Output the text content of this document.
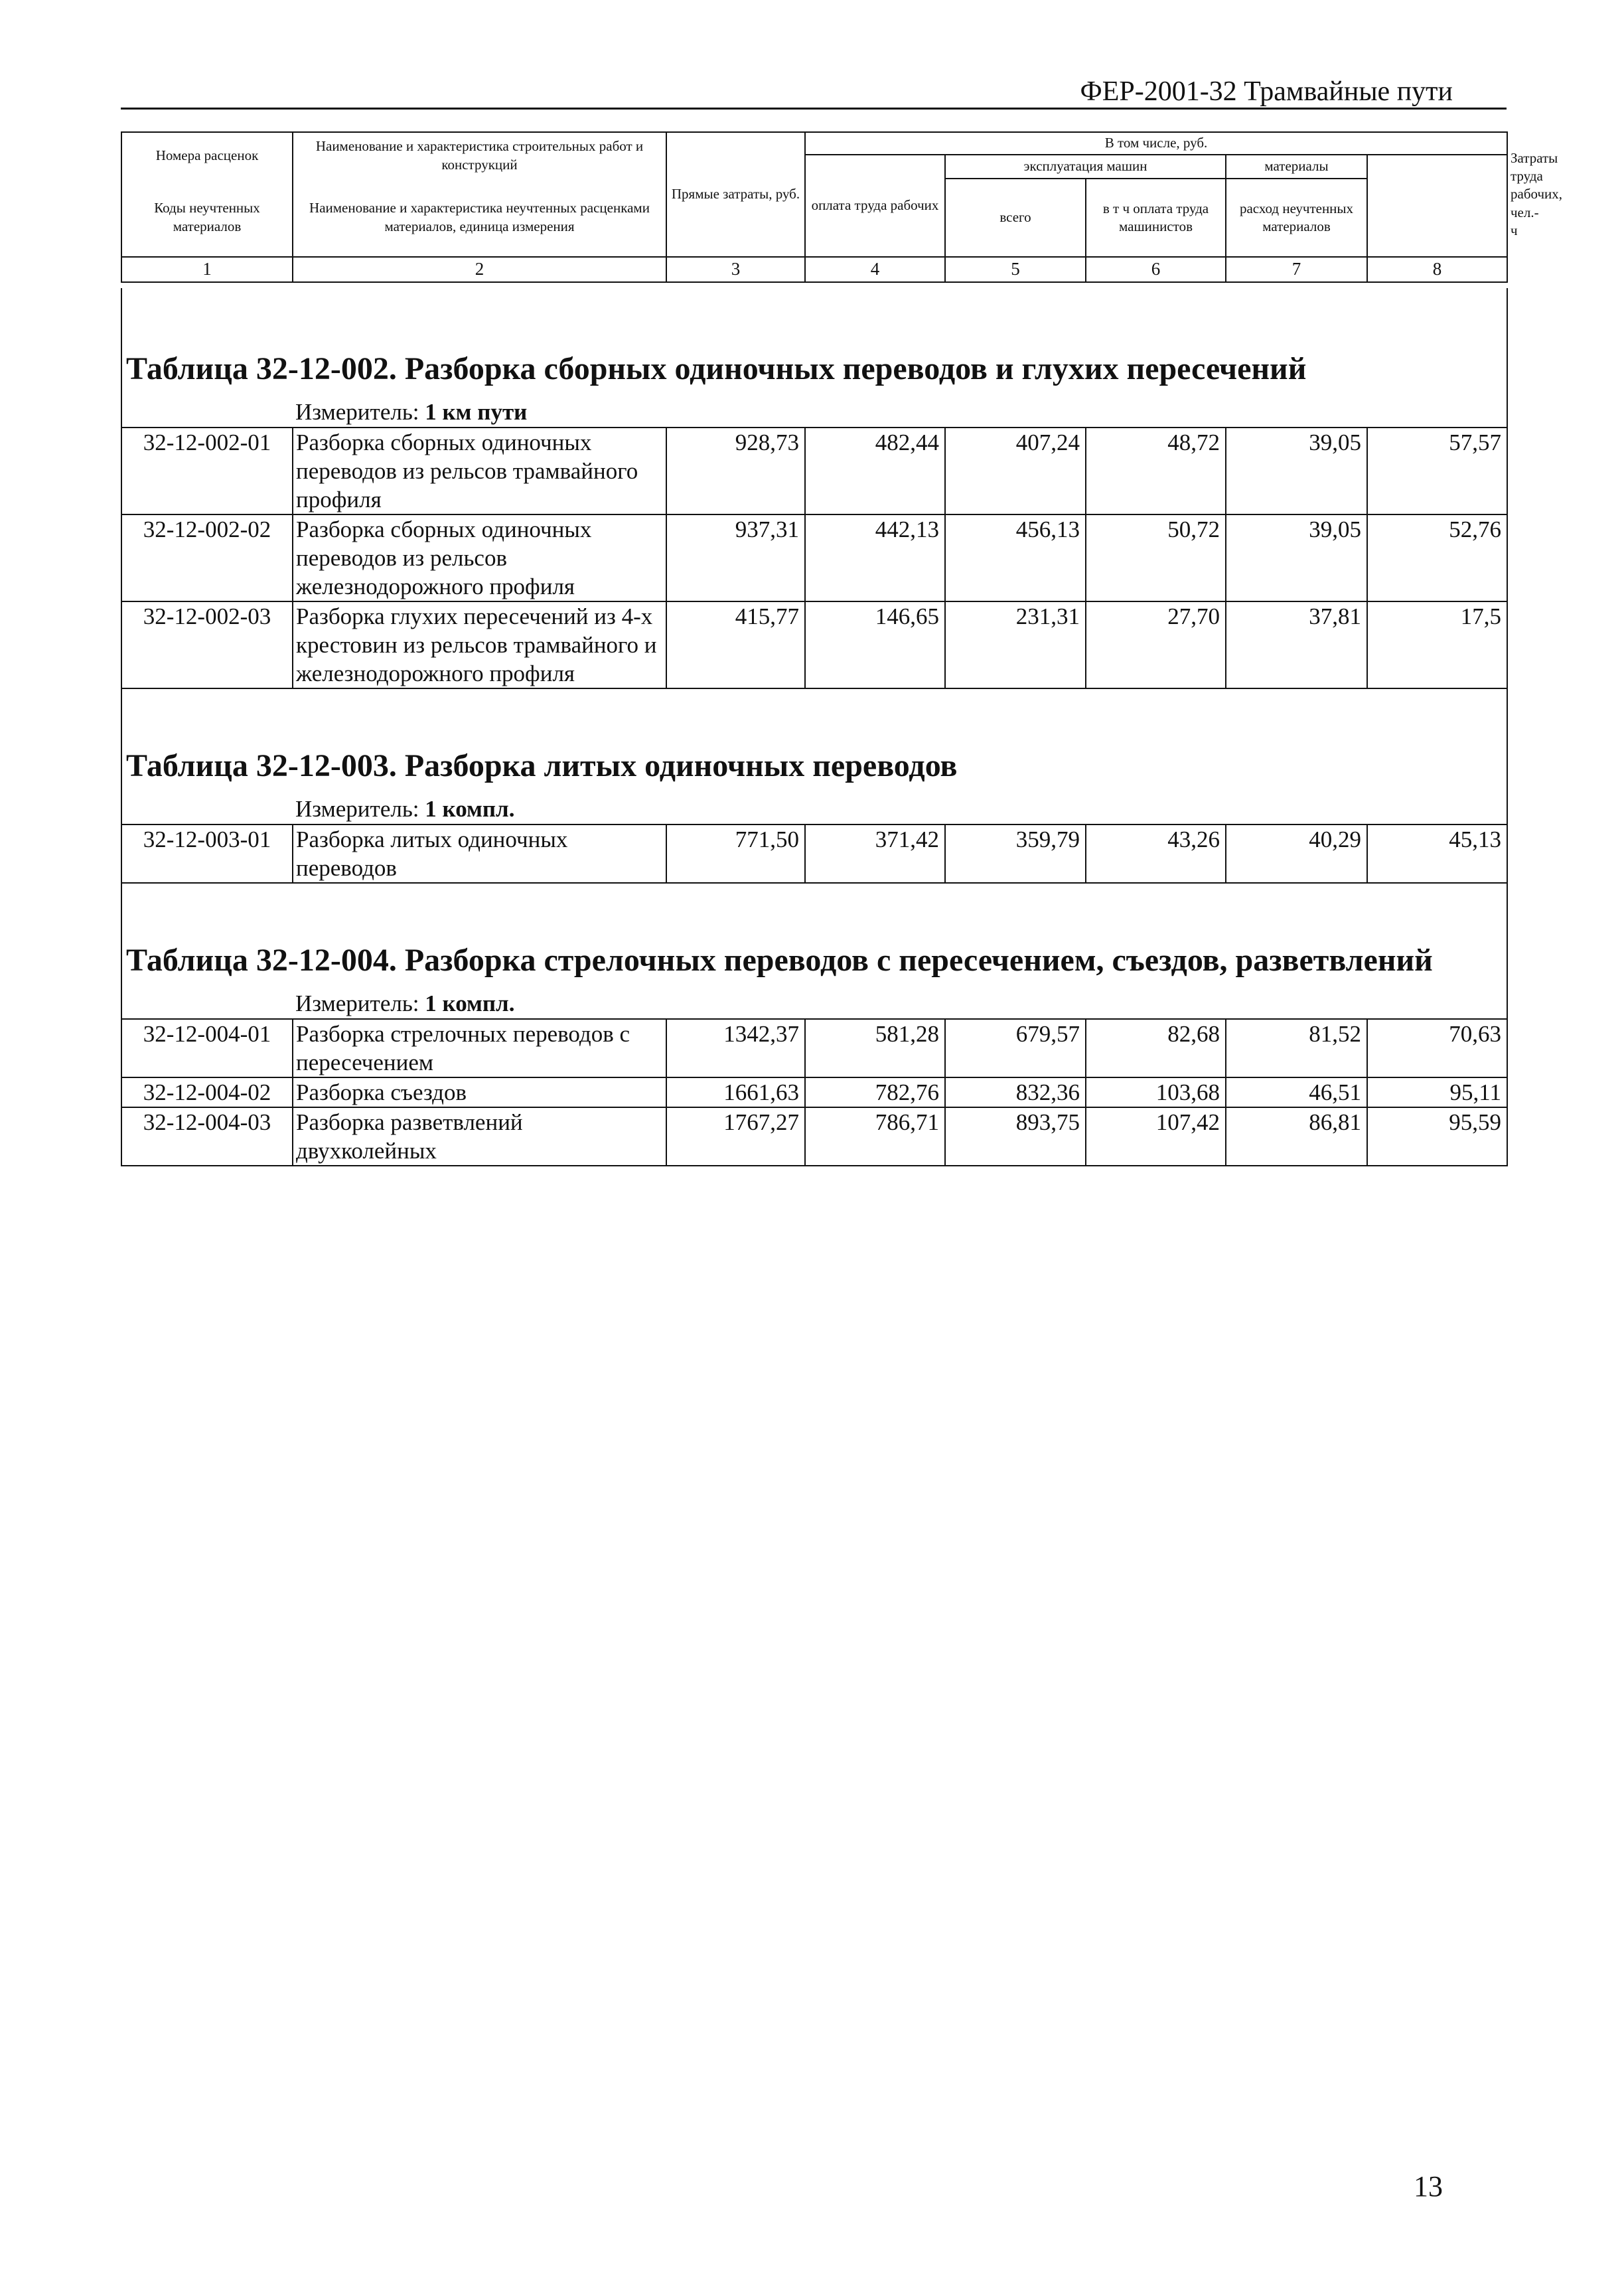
ФЕР-2001-32 Трамвайные пути
Номера расценок	Наименование и характеристика строительных работ и конструкций	Прямые затраты, руб.	В том числе, руб.					Затраты труда рабочих, чел.-ч
			оплата труда рабочих	эксплуатация машин		материалы		
Коды неучтенных материалов	Наименование и характеристика неучтенных расценками материалов, единица измерения			всего	в т ч оплата труда машинистов	расход неучтенных материалов		

1	2	3	4	5	6	7	8	
Таблица 32-12-002. Разборка сборных одиночных переводов и глухих пересечений							
	Измеритель: 1 км пути						
32-12-002-01	Разборка сборных одиночных переводов из рельсов трамвайного профиля	928,73	482,44	407,24	48,72	39,05	57,57
32-12-002-02	Разборка сборных одиночных переводов из рельсов железнодорожного профиля	937,31	442,13	456,13	50,72	39,05	52,76
32-12-002-03	Разборка глухих пересечений из 4-х крестовин из рельсов трамвайного и железнодорожного профиля	415,77	146,65	231,31	27,70	37,81	17,5
Таблица 32-12-003. Разборка литых одиночных переводов							
	Измеритель: 1 компл.						
32-12-003-01	Разборка литых одиночных переводов	771,50	371,42	359,79	43,26	40,29	45,13
Таблица 32-12-004. Разборка стрелочных переводов с пересечением, съездов, разветвлений							
	Измеритель: 1 компл.						
32-12-004-01	Разборка стрелочных переводов с пересечением	1342,37	581,28	679,57	82,68	81,52	70,63
32-12-004-02	Разборка съездов	1661,63	782,76	832,36	103,68	46,51	95,11
32-12-004-03	Разборка разветвлений двухколейных	1767,27	786,71	893,75	107,42	86,81	95,59
13
